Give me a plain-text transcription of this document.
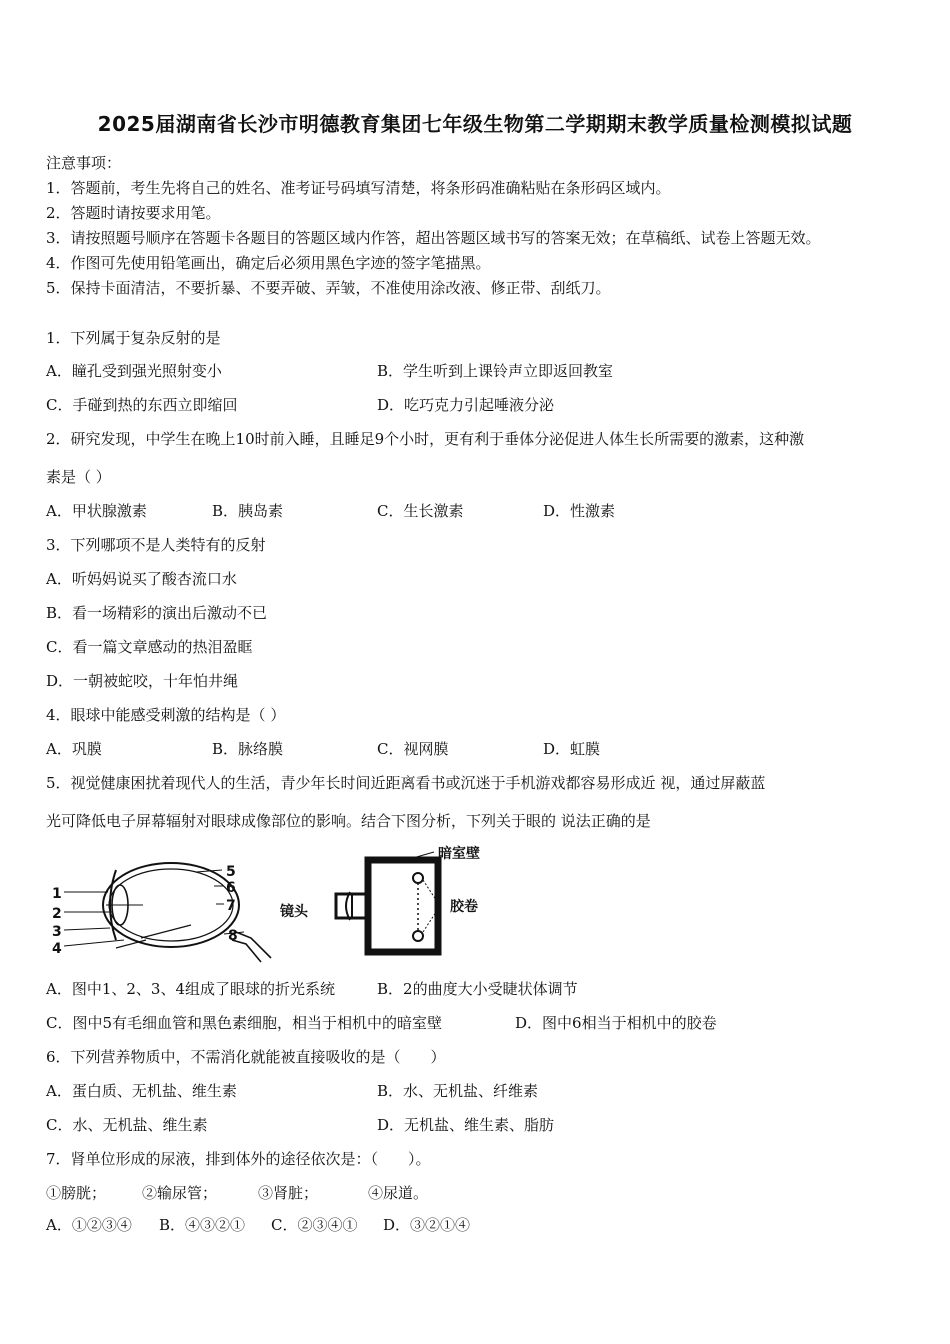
2025届湖南省长沙市明德教育集团七年级生物第二学期期末教学质量检测模拟试题
注意事项：
1．答题前，考生先将自己的姓名、准考证号码填写清楚，将条形码准确粘贴在条形码区域内。
2．答题时请按要求用笔。
3．请按照题号顺序在答题卡各题目的答题区域内作答，超出答题区域书写的答案无效；在草稿纸、试卷上答题无效。
4．作图可先使用铅笔画出，确定后必须用黑色字迹的签字笔描黑。
5．保持卡面清洁，不要折暴、不要弄破、弄皱，不准使用涂改液、修正带、刮纸刀。
1．下列属于复杂反射的是
A．瞳孔受到强光照射变小	B．学生听到上课铃声立即返回教室
C．手碰到热的东西立即缩回	D．吃巧克力引起唾液分泌
2．研究发现，中学生在晚上10时前入睡，且睡足9个小时，更有利于垂体分泌促进人体生长所需要的激素，这种激
素是（ ）
A．甲状腺激素	B．胰岛素	C．生长激素	D．性激素
3．下列哪项不是人类特有的反射
A．听妈妈说买了酸杏流口水
B．看一场精彩的演出后激动不已
C．看一篇文章感动的热泪盈眶
D．一朝被蛇咬，十年怕井绳
4．眼球中能感受刺激的结构是（ ）
A．巩膜	B．脉络膜	C．视网膜	D．虹膜
5．视觉健康困扰着现代人的生活，青少年长时间近距离看书或沉迷于手机游戏都容易形成近 视，通过屏蔽蓝
光可降低电子屏幕辐射对眼球成像部位的影响。结合下图分析，下列关于眼的 说法正确的是
1
2
3
4
5
6
7
8
暗室壁
镜头	胶卷
A．图中1、2、3、4组成了眼球的折光系统	B．2的曲度大小受睫状体调节
C．图中5有毛细血管和黑色素细胞，相当于相机中的暗室壁	D．图中6相当于相机中的胶卷
6．下列营养物质中，不需消化就能被直接吸收的是（　　）
A．蛋白质、无机盐、维生素	B．水、无机盐、纤维素
C．水、无机盐、维生素	D．无机盐、维生素、脂肪
7．肾单位形成的尿液，排到体外的途径依次是：（　　）。
①膀胱； ②输尿管；	③肾脏；	④尿道。
A．①②③④ B．④③②① C．②③④① D．③②①④
